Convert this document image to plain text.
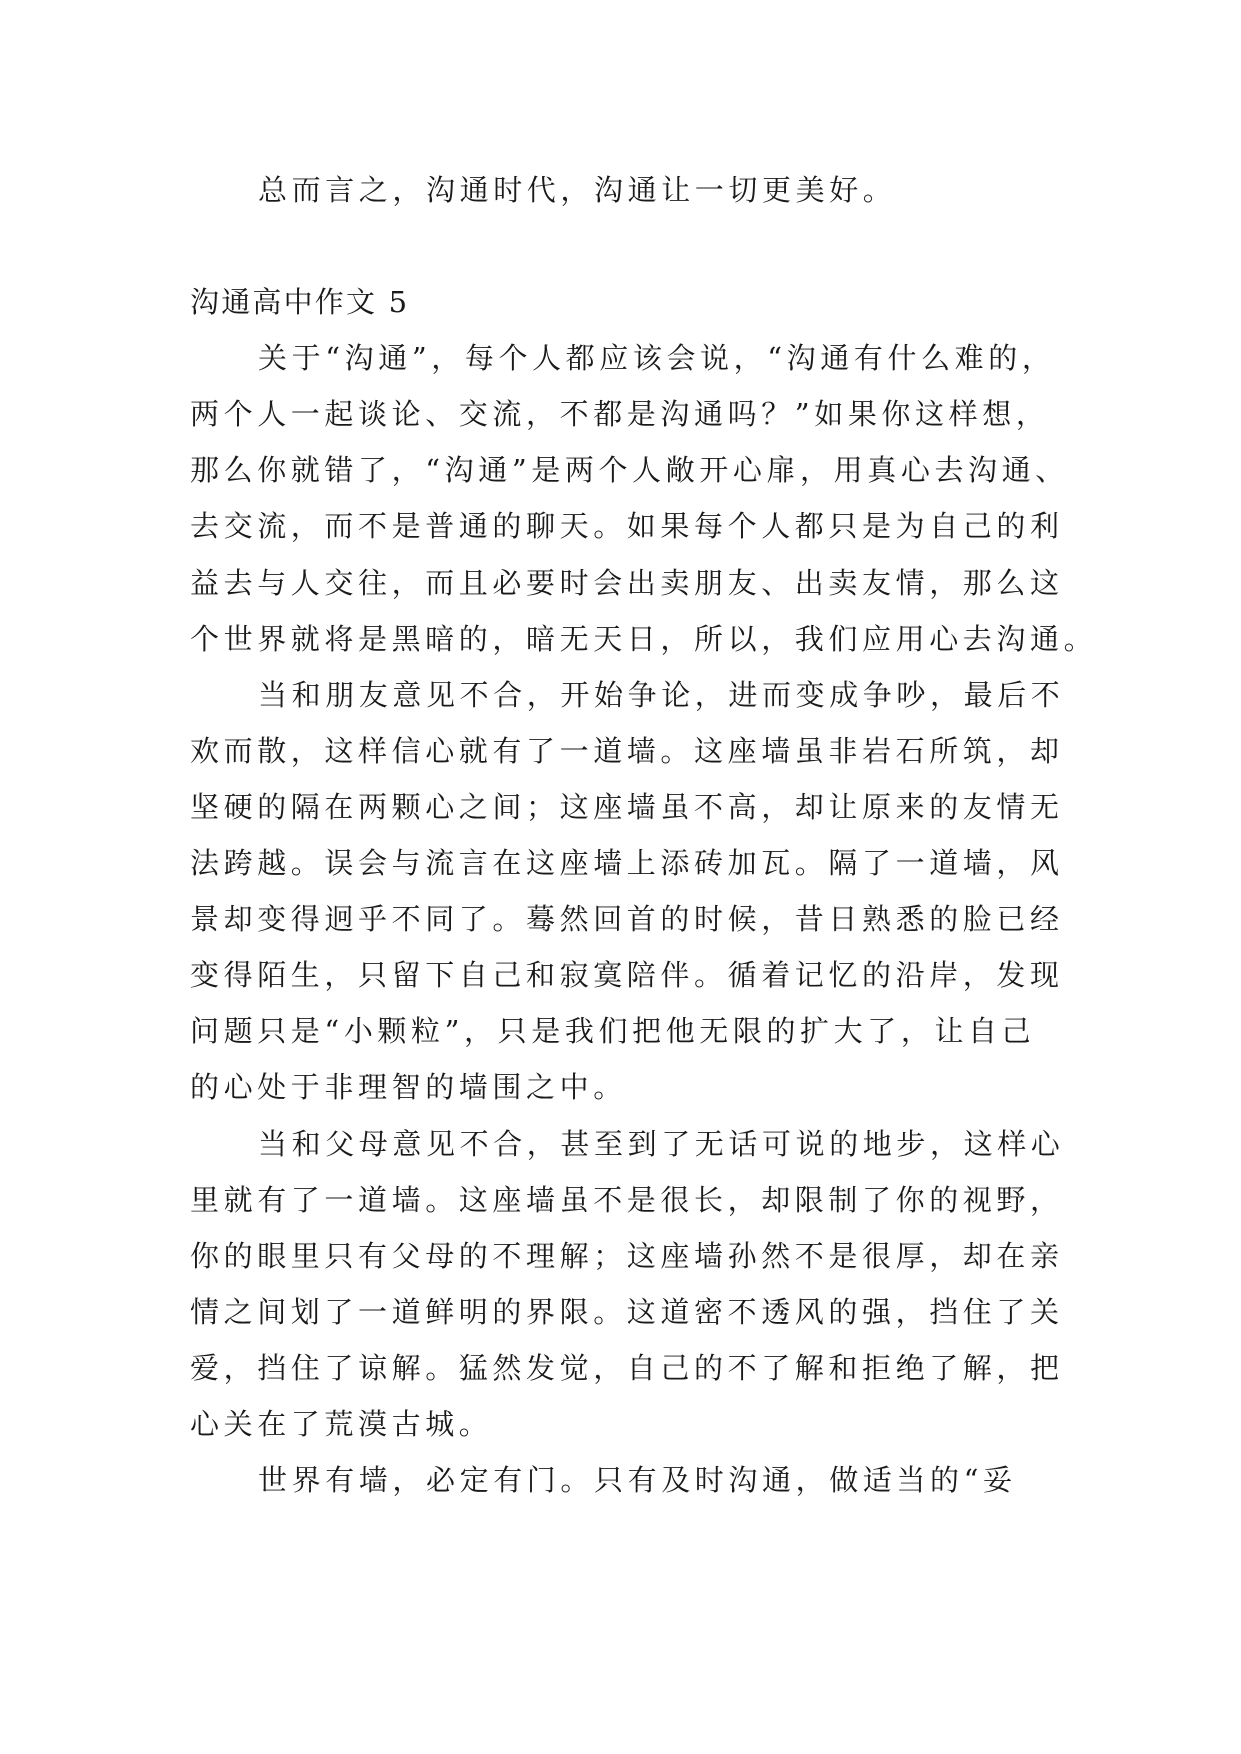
总而言之，沟通时代，沟通让一切更美好。
沟通高中作文 5
关于“沟通”，每个人都应该会说，“沟通有什么难的，
两个人一起谈论、交流，不都是沟通吗？”如果你这样想，
那么你就错了，“沟通”是两个人敞开心扉，用真心去沟通、
去交流，而不是普通的聊天。如果每个人都只是为自己的利
益去与人交往，而且必要时会出卖朋友、出卖友情，那么这
个世界就将是黑暗的，暗无天日，所以，我们应用心去沟通。
当和朋友意见不合，开始争论，进而变成争吵，最后不
欢而散，这样信心就有了一道墙。这座墙虽非岩石所筑，却
坚硬的隔在两颗心之间；这座墙虽不高，却让原来的友情无
法跨越。误会与流言在这座墙上添砖加瓦。隔了一道墙，风
景却变得迥乎不同了。蓦然回首的时候，昔日熟悉的脸已经
变得陌生，只留下自己和寂寞陪伴。循着记忆的沿岸，发现
问题只是“小颗粒”，只是我们把他无限的扩大了，让自己
的心处于非理智的墙围之中。
当和父母意见不合，甚至到了无话可说的地步，这样心
里就有了一道墙。这座墙虽不是很长，却限制了你的视野，
你的眼里只有父母的不理解；这座墙孙然不是很厚，却在亲
情之间划了一道鲜明的界限。这道密不透风的强，挡住了关
爱，挡住了谅解。猛然发觉，自己的不了解和拒绝了解，把
心关在了荒漠古城。
世界有墙，必定有门。只有及时沟通，做适当的“妥
